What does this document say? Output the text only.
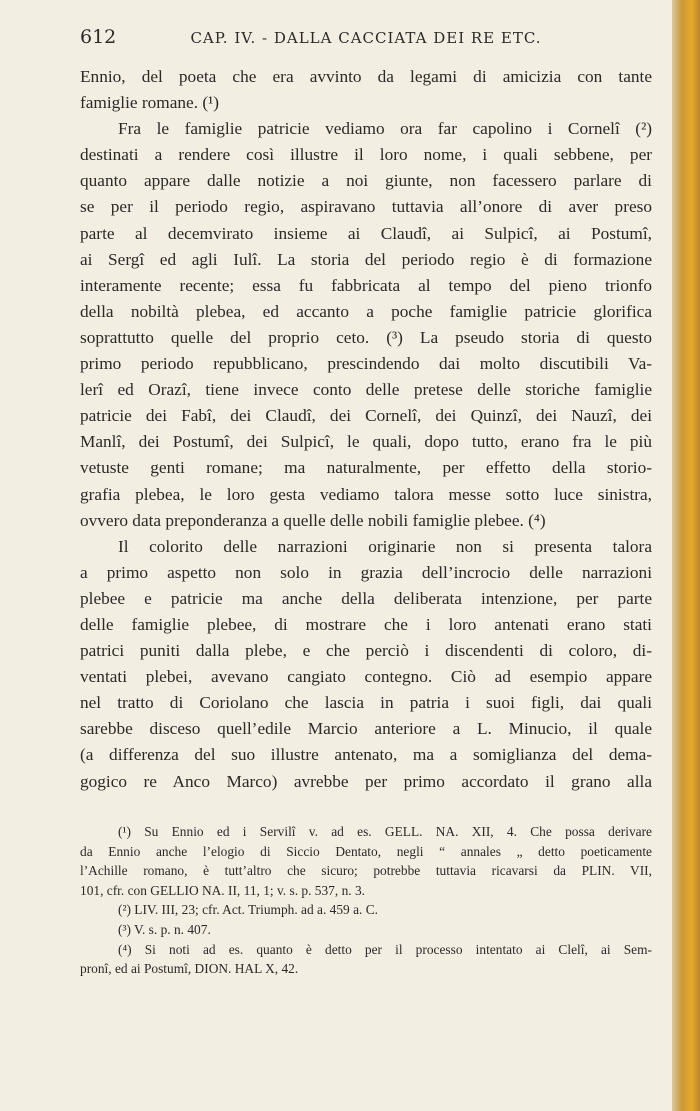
612	CAP. IV. - DALLA CACCIATA DEI RE ETC.
Ennio, del poeta che era avvinto da legami di amicizia con tante
famiglie romane. (¹)
Fra le famiglie patricie vediamo ora far capolino i Cornelî (²)
destinati a rendere così illustre il loro nome, i quali sebbene, per
quanto appare dalle notizie a noi giunte, non facessero parlare di
se per il periodo regio, aspiravano tuttavia all’onore di aver preso
parte al decemvirato insieme ai Claudî, ai Sulpicî, ai Postumî,
ai Sergî ed agli Iulî. La storia del periodo regio è di formazione
interamente recente; essa fu fabbricata al tempo del pieno trionfo
della nobiltà plebea, ed accanto a poche famiglie patricie glorifica
soprattutto quelle del proprio ceto. (³) La pseudo storia di questo
primo periodo repubblicano, prescindendo dai molto discutibili Va-
lerî ed Orazî, tiene invece conto delle pretese delle storiche famiglie
patricie dei Fabî, dei Claudî, dei Cornelî, dei Quinzî, dei Nauzî, dei
Manlî, dei Postumî, dei Sulpicî, le quali, dopo tutto, erano fra le più
vetuste genti romane; ma naturalmente, per effetto della storio-
grafia plebea, le loro gesta vediamo talora messe sotto luce sinistra,
ovvero data preponderanza a quelle delle nobili famiglie plebee. (⁴)
Il colorito delle narrazioni originarie non si presenta talora
a primo aspetto non solo in grazia dell’incrocio delle narrazioni
plebee e patricie ma anche della deliberata intenzione, per parte
delle famiglie plebee, di mostrare che i loro antenati erano stati
patrici puniti dalla plebe, e che perciò i discendenti di coloro, di-
ventati plebei, avevano cangiato contegno. Ciò ad esempio appare
nel tratto di Coriolano che lascia in patria i suoi figli, dai quali
sarebbe disceso quell’edile Marcio anteriore a L. Minucio, il quale
(a differenza del suo illustre antenato, ma a somiglianza del dema-
gogico re Anco Marco) avrebbe per primo accordato il grano alla
(¹) Su Ennio ed i Servilî v. ad es. GELL. NA. XII, 4. Che possa derivare
da Ennio anche l’elogio di Siccio Dentato, negli “ annales „ detto poeticamente
l’Achille romano, è tutt’altro che sicuro; potrebbe tuttavia ricavarsi da PLIN. VII,
101, cfr. con GELLIO NA. II, 11, 1; v. s. p. 537, n. 3.
(²) LIV. III, 23; cfr. Act. Triumph. ad a. 459 a. C.
(³) V. s. p. n. 407.
(⁴) Si noti ad es. quanto è detto per il processo intentato ai Clelî, ai Sem-
pronî, ed ai Postumî, DION. HAL X, 42.
